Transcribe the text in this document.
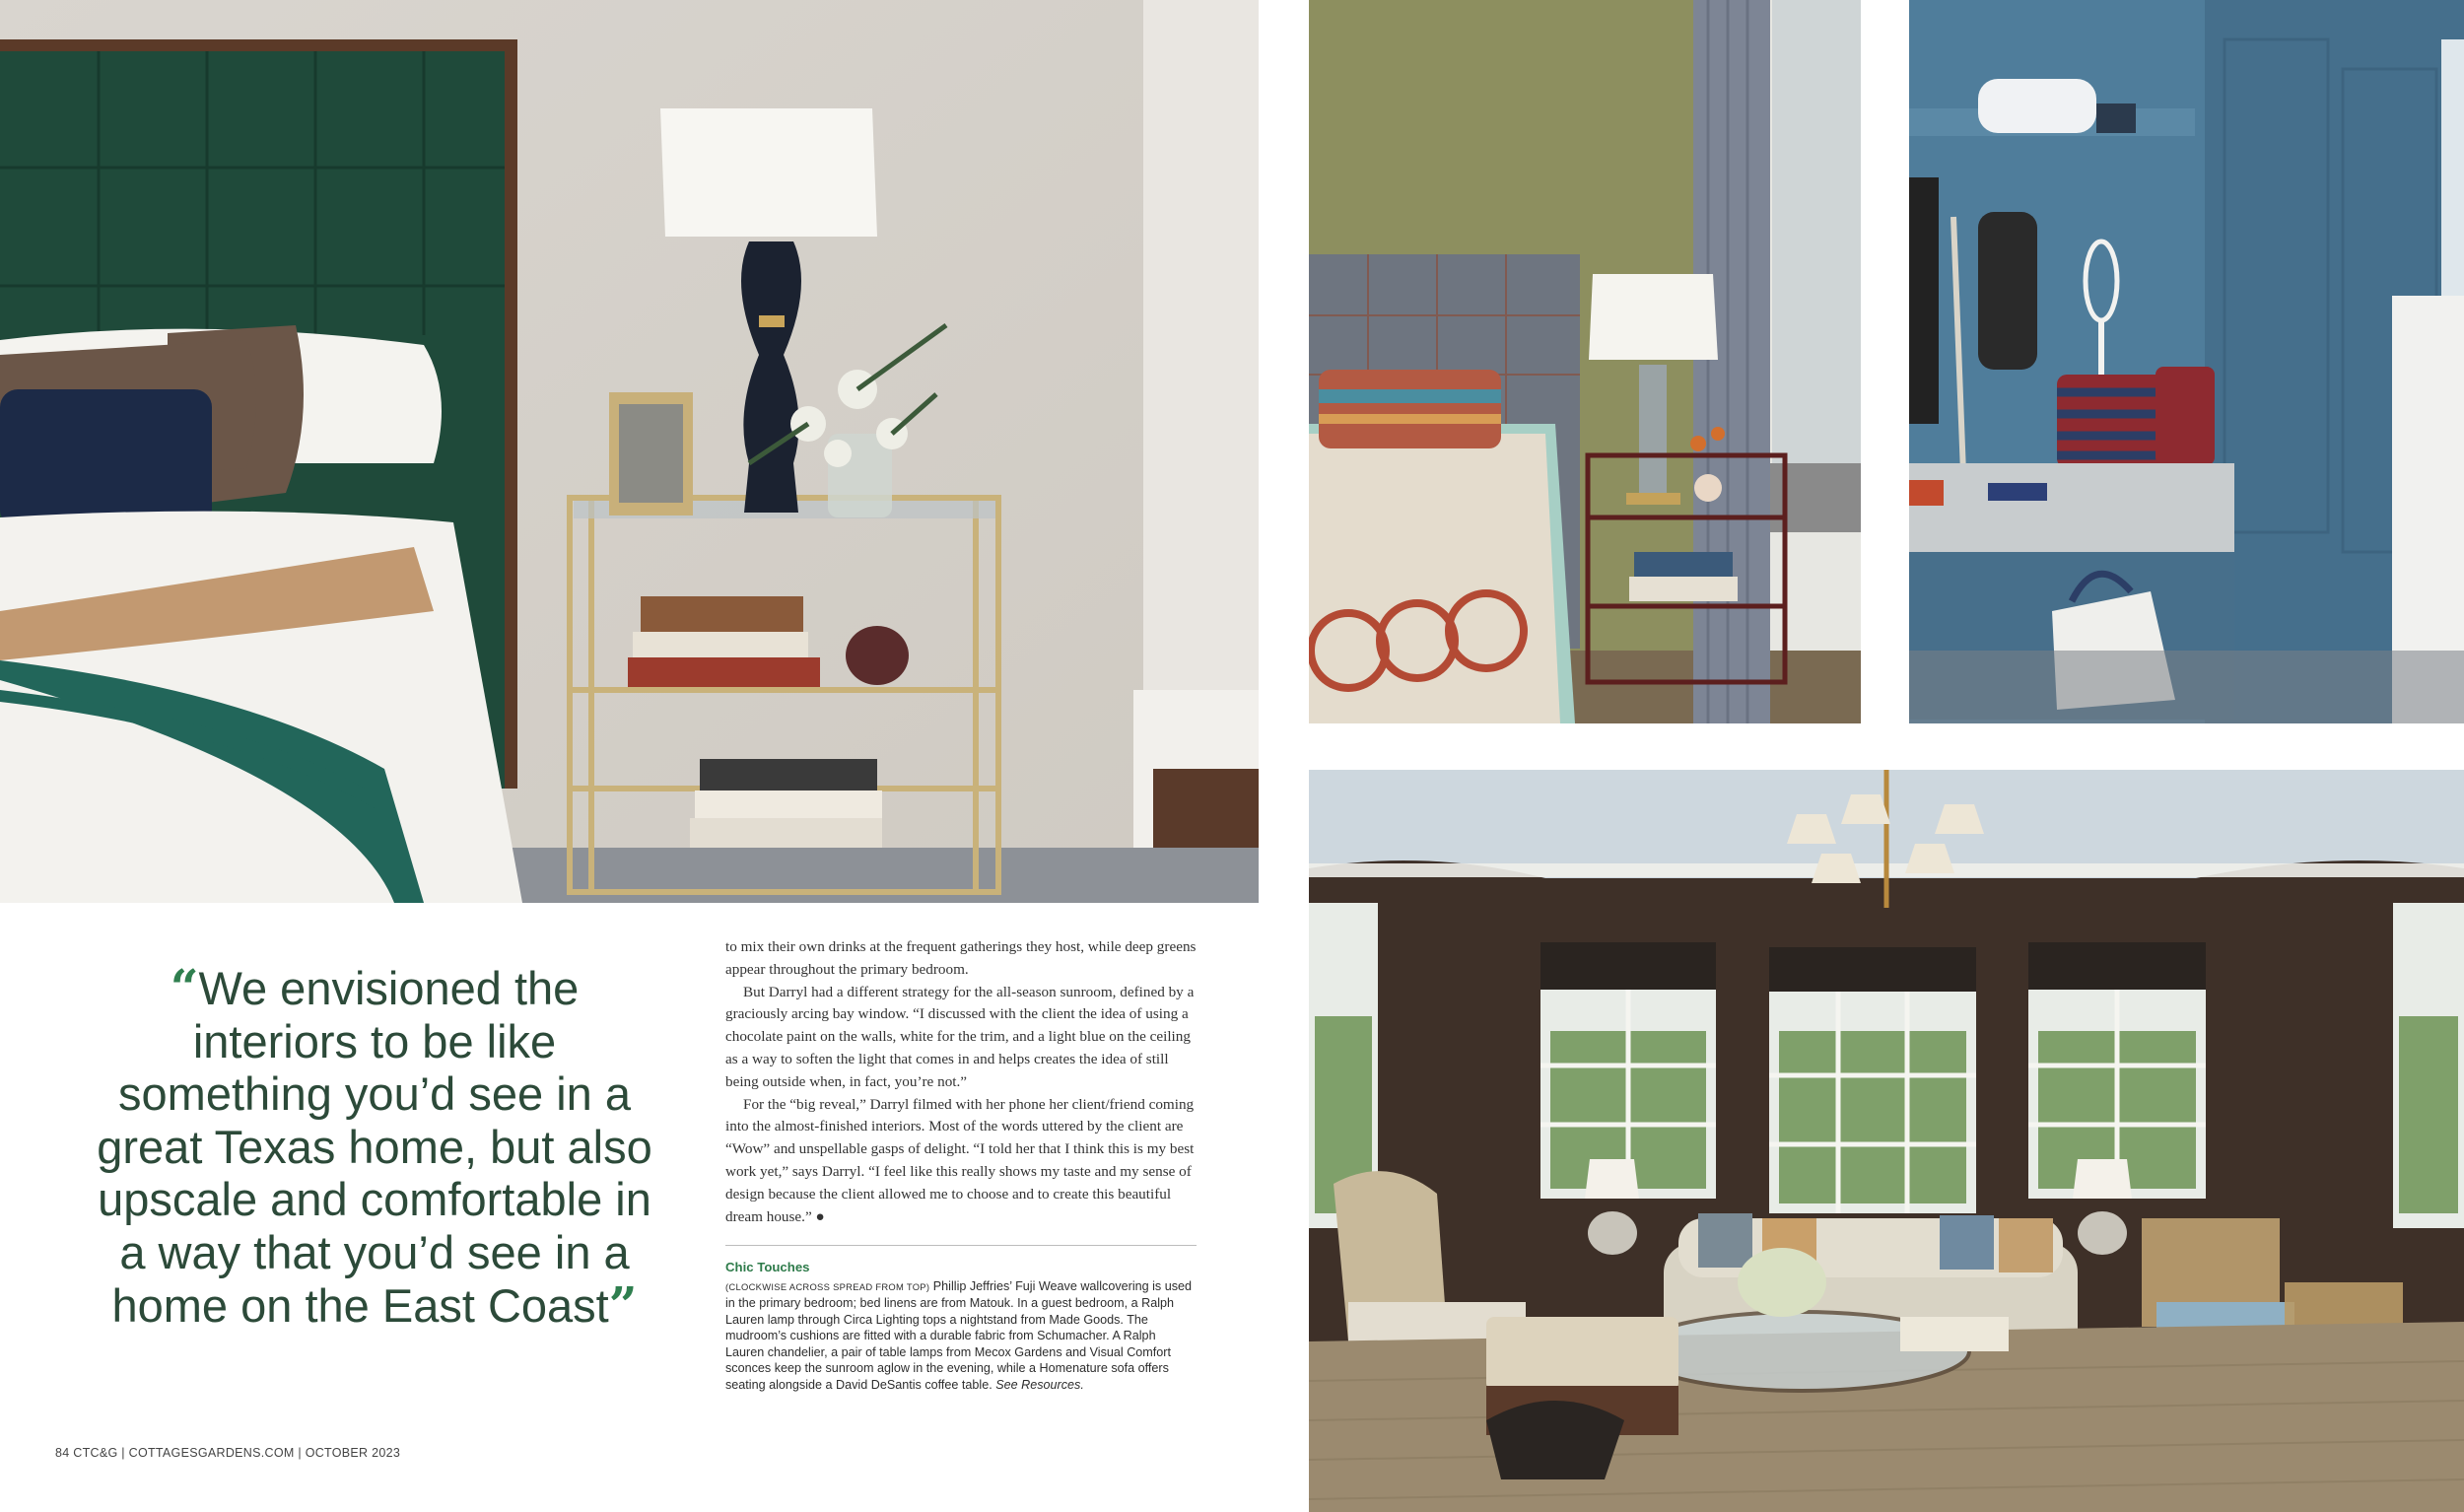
“We envisioned the interiors to be like something you’d see in a great Texas home, but also upscale and comfortable in a way that you’d see in a home on the East Coast”

to mix their own drinks at the frequent gatherings they host, while deep greens appear throughout the primary bedroom.

But Darryl had a different strategy for the all-season sunroom, defined by a graciously arcing bay window. “I discussed with the client the idea of using a chocolate paint on the walls, white for the trim, and a light blue on the ceiling as a way to soften the light that comes in and helps creates the idea of still being outside when, in fact, you’re not.”

For the “big reveal,” Darryl filmed with her phone her client/friend coming into the almost-finished interiors. Most of the words uttered by the client are “Wow” and unspellable gasps of delight. “I told her that I think this is my best work yet,” says Darryl. “I feel like this really shows my taste and my sense of design because the client allowed me to choose and to create this beautiful dream house.” ●

Chic Touches
(CLOCKWISE ACROSS SPREAD FROM TOP) Phillip Jeffries’ Fuji Weave wallcovering is used in the primary bedroom; bed linens are from Matouk. In a guest bedroom, a Ralph Lauren lamp through Circa Lighting tops a nightstand from Made Goods. The mudroom’s cushions are fitted with a durable fabric from Schumacher. A Ralph Lauren chandelier, a pair of table lamps from Mecox Gardens and Visual Comfort sconces keep the sunroom aglow in the evening, while a Homenature sofa offers seating alongside a David DeSantis coffee table. See Resources.
84 CTC&G | COTTAGESGARDENS.COM | OCTOBER 2023
